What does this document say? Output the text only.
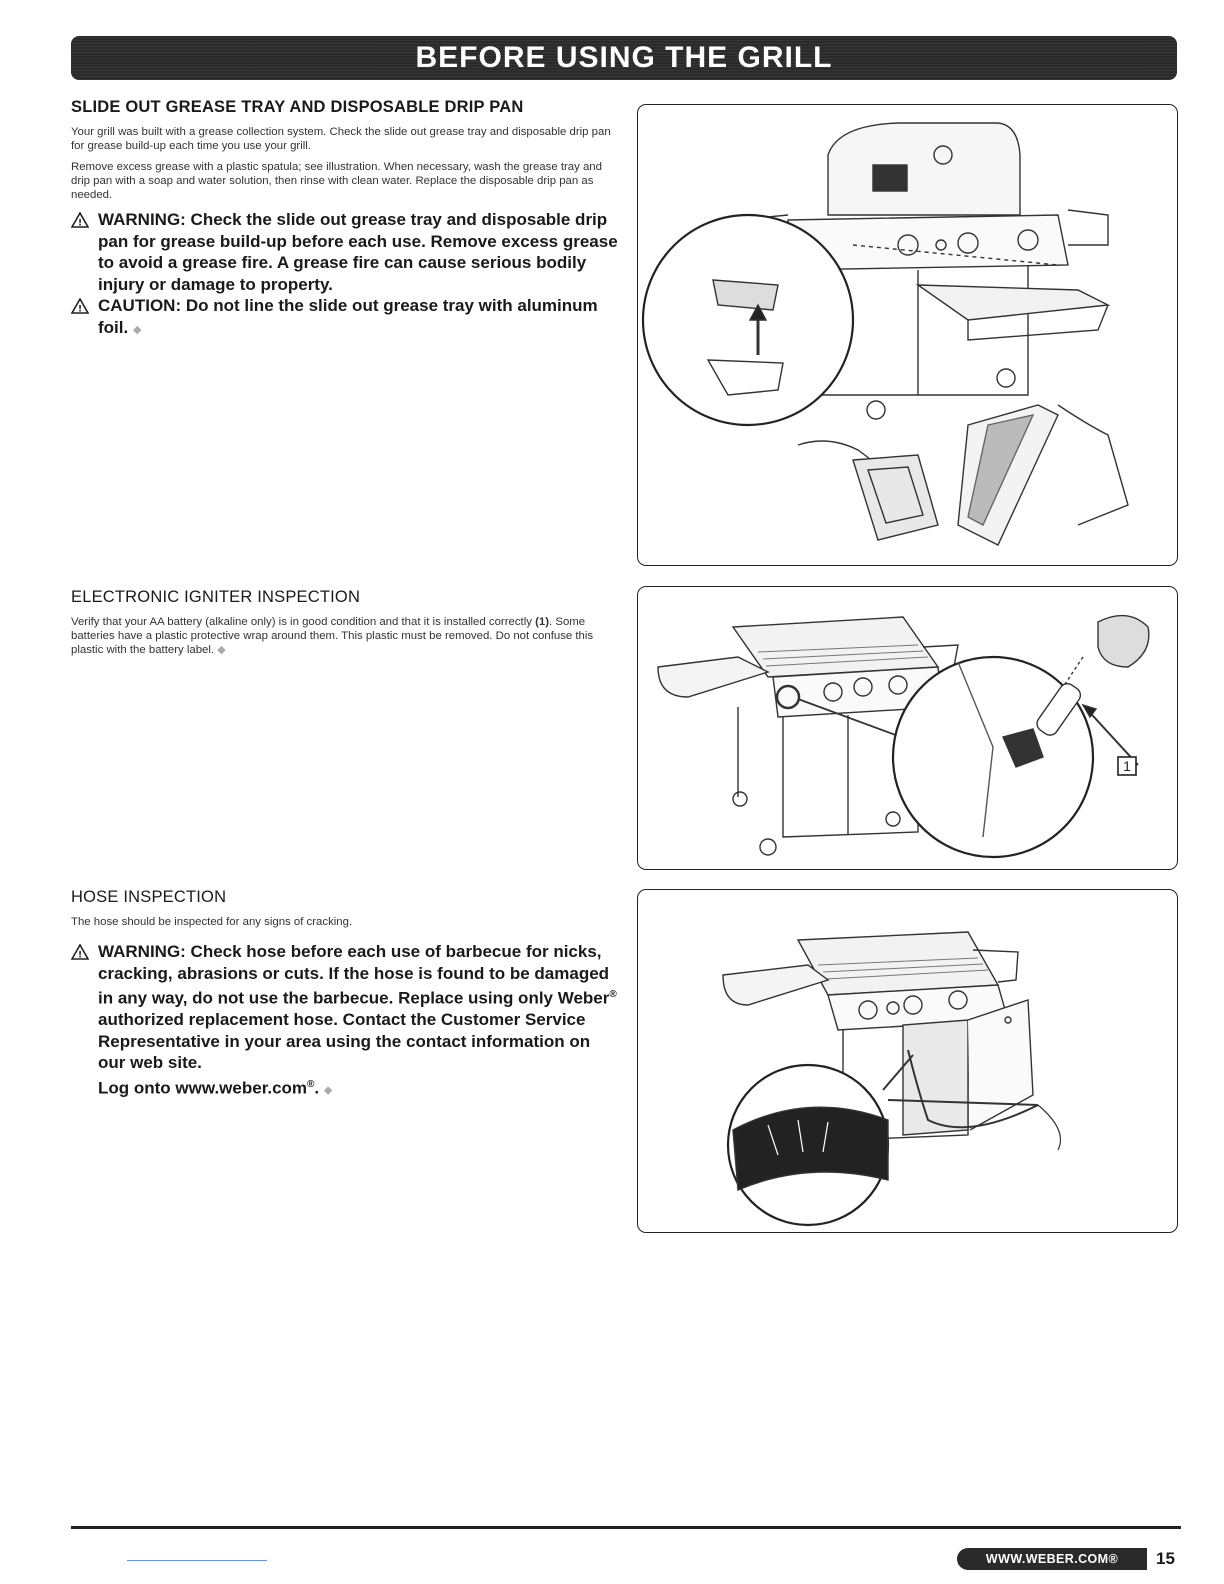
BEFORE USING THE GRILL
SLIDE OUT GREASE TRAY AND DISPOSABLE DRIP PAN

Your grill was built with a grease collection system. Check the slide out grease tray and disposable drip pan for grease build-up each time you use your grill.

Remove excess grease with a plastic spatula; see illustration. When necessary, wash the grease tray and drip pan with a soap and water solution, then rinse with clean water. Replace the disposable drip pan as needed.

! WARNING: Check the slide out grease tray and disposable drip pan for grease build-up before each use. Remove excess grease to avoid a grease fire. A grease fire can cause serious bodily injury or damage to property.
! CAUTION: Do not line the slide out grease tray with aluminum foil. ◆
ELECTRONIC IGNITER INSPECTION

Verify that your AA battery (alkaline only) is in good condition and that it is installed correctly (1). Some batteries have a plastic protective wrap around them. This plastic must be removed. Do not confuse this plastic with the battery label. ◆

1
HOSE INSPECTION

The hose should be inspected for any signs of cracking.

! WARNING: Check hose before each use of barbecue for nicks, cracking, abrasions or cuts. If the hose is found to be damaged in any way, do not use the barbecue. Replace using only Weber® authorized replacement hose. Contact the Customer Service Representative in your area using the contact information on our web site.
Log onto www.weber.com®. ◆
WWW.WEBER.COM® 15
